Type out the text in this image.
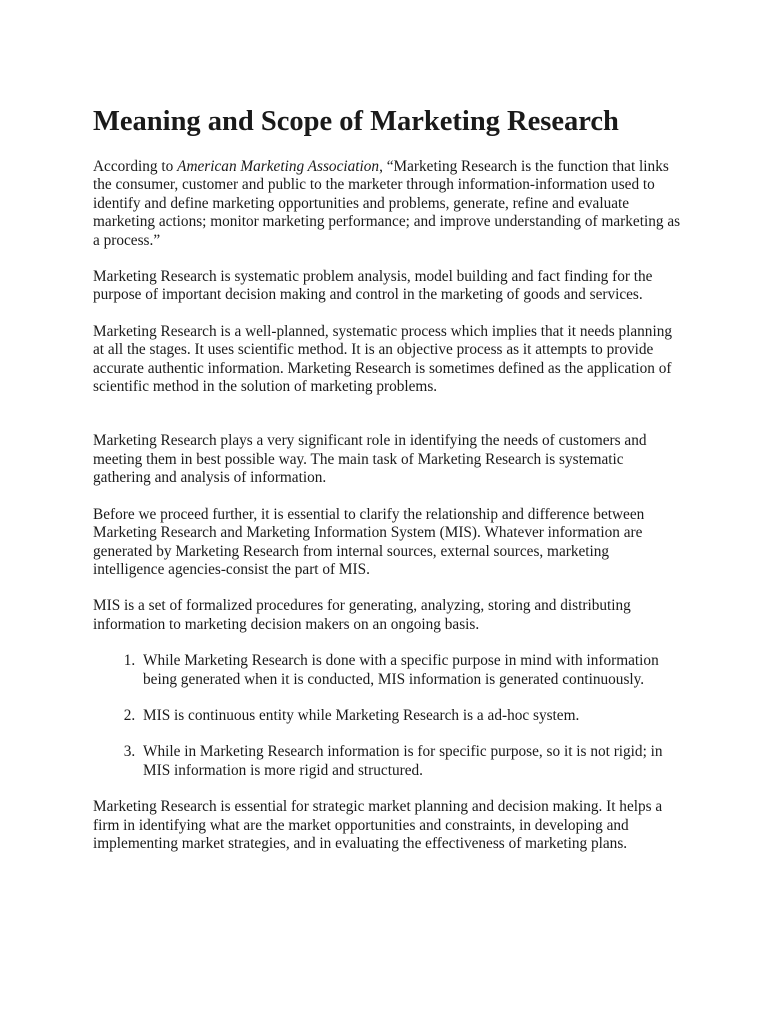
Meaning and Scope of Marketing Research

According to American Marketing Association, “Marketing Research is the function that links the consumer, customer and public to the marketer through information-information used to identify and define marketing opportunities and problems, generate, refine and evaluate marketing actions; monitor marketing performance; and improve understanding of marketing as a process.”

Marketing Research is systematic problem analysis, model building and fact finding for the purpose of important decision making and control in the marketing of goods and services.

Marketing Research is a well-planned, systematic process which implies that it needs planning at all the stages. It uses scientific method. It is an objective process as it attempts to provide accurate authentic information. Marketing Research is sometimes defined as the application of scientific method in the solution of marketing problems.

Marketing Research plays a very significant role in identifying the needs of customers and meeting them in best possible way. The main task of Marketing Research is systematic gathering and analysis of information.

Before we proceed further, it is essential to clarify the relationship and difference between Marketing Research and Marketing Information System (MIS). Whatever information are generated by Marketing Research from internal sources, external sources, marketing intelligence agencies-consist the part of MIS.

MIS is a set of formalized procedures for generating, analyzing, storing and distributing information to marketing decision makers on an ongoing basis.

1. While Marketing Research is done with a specific purpose in mind with information being generated when it is conducted, MIS information is generated continuously.
2. MIS is continuous entity while Marketing Research is a ad-hoc system.
3. While in Marketing Research information is for specific purpose, so it is not rigid; in MIS information is more rigid and structured.

Marketing Research is essential for strategic market planning and decision making. It helps a firm in identifying what are the market opportunities and constraints, in developing and implementing market strategies, and in evaluating the effectiveness of marketing plans.
